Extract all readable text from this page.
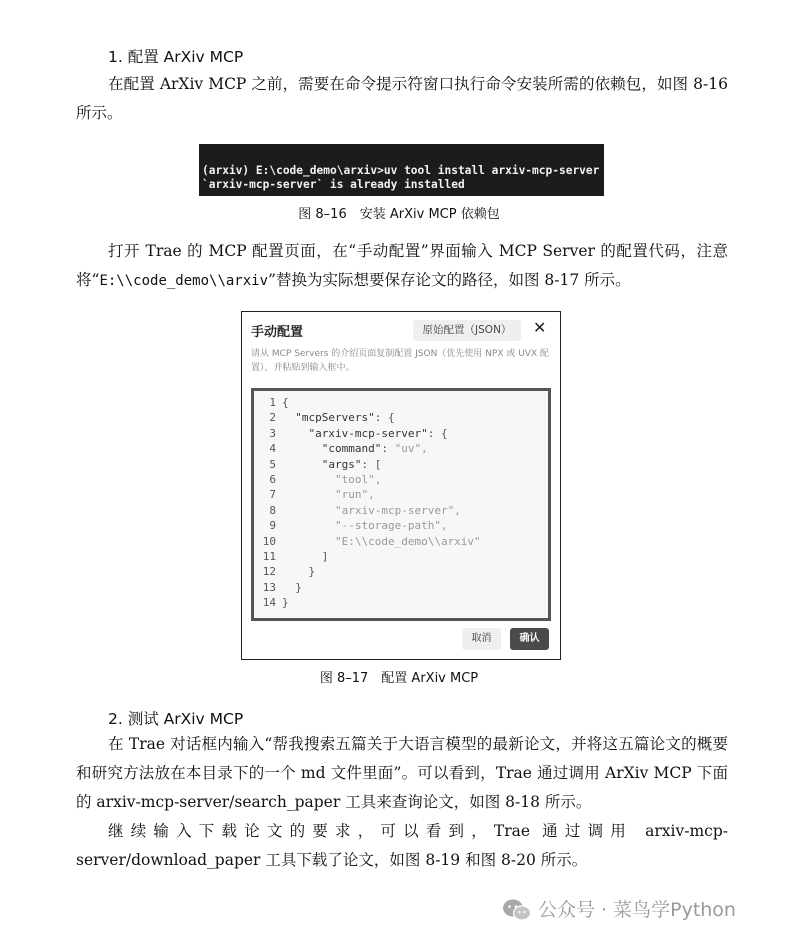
1. 配置 ArXiv MCP

在配置 ArXiv MCP 之前，需要在命令提示符窗口执行命令安装所需的依赖包，如图 8-16 所示。

(arxiv) E:\code_demo\arxiv>uv tool install arxiv-mcp-server
`arxiv-mcp-server` is already installed
图 8–16　安装 ArXiv MCP 依赖包

打开 Trae 的 MCP 配置页面，在“手动配置”界面输入 MCP Server 的配置代码，注意将“E:\\code_demo\\arxiv”替换为实际想要保存论文的路径，如图 8-17 所示。

手动配置	原始配置（JSON）	✕
请从 MCP Servers 的介绍页面复制配置 JSON（优先使用 NPX 或 UVX 配置），并粘贴到输入框中。
1 {
2 "mcpServers": {
3	"arxiv-mcp-server": {
4	"command": "uv",
5	"args": [
6        "tool",
7        "run",
8        "arxiv-mcp-server",
9        "--storage-path",
10        "E:\\code_demo\\arxiv"
11      ]
12    }
13  }
14 }
取消	确认
图 8–17　配置 ArXiv MCP
2. 测试 ArXiv MCP

在 Trae 对话框内输入“帮我搜索五篇关于大语言模型的最新论文，并将这五篇论文的概要和研究方法放在本目录下的一个 md 文件里面”。可以看到，Trae 通过调用 ArXiv MCP 下面的 arxiv-mcp-server/search_paper 工具来查询论文，如图 8-18 所示。

继续输入下载论文的要求，可以看到，Trae 通过调用 arxiv-mcp-server/download_paper 工具下载了论文，如图 8-19 和图 8-20 所示。

公众号 · 菜鸟学Python
